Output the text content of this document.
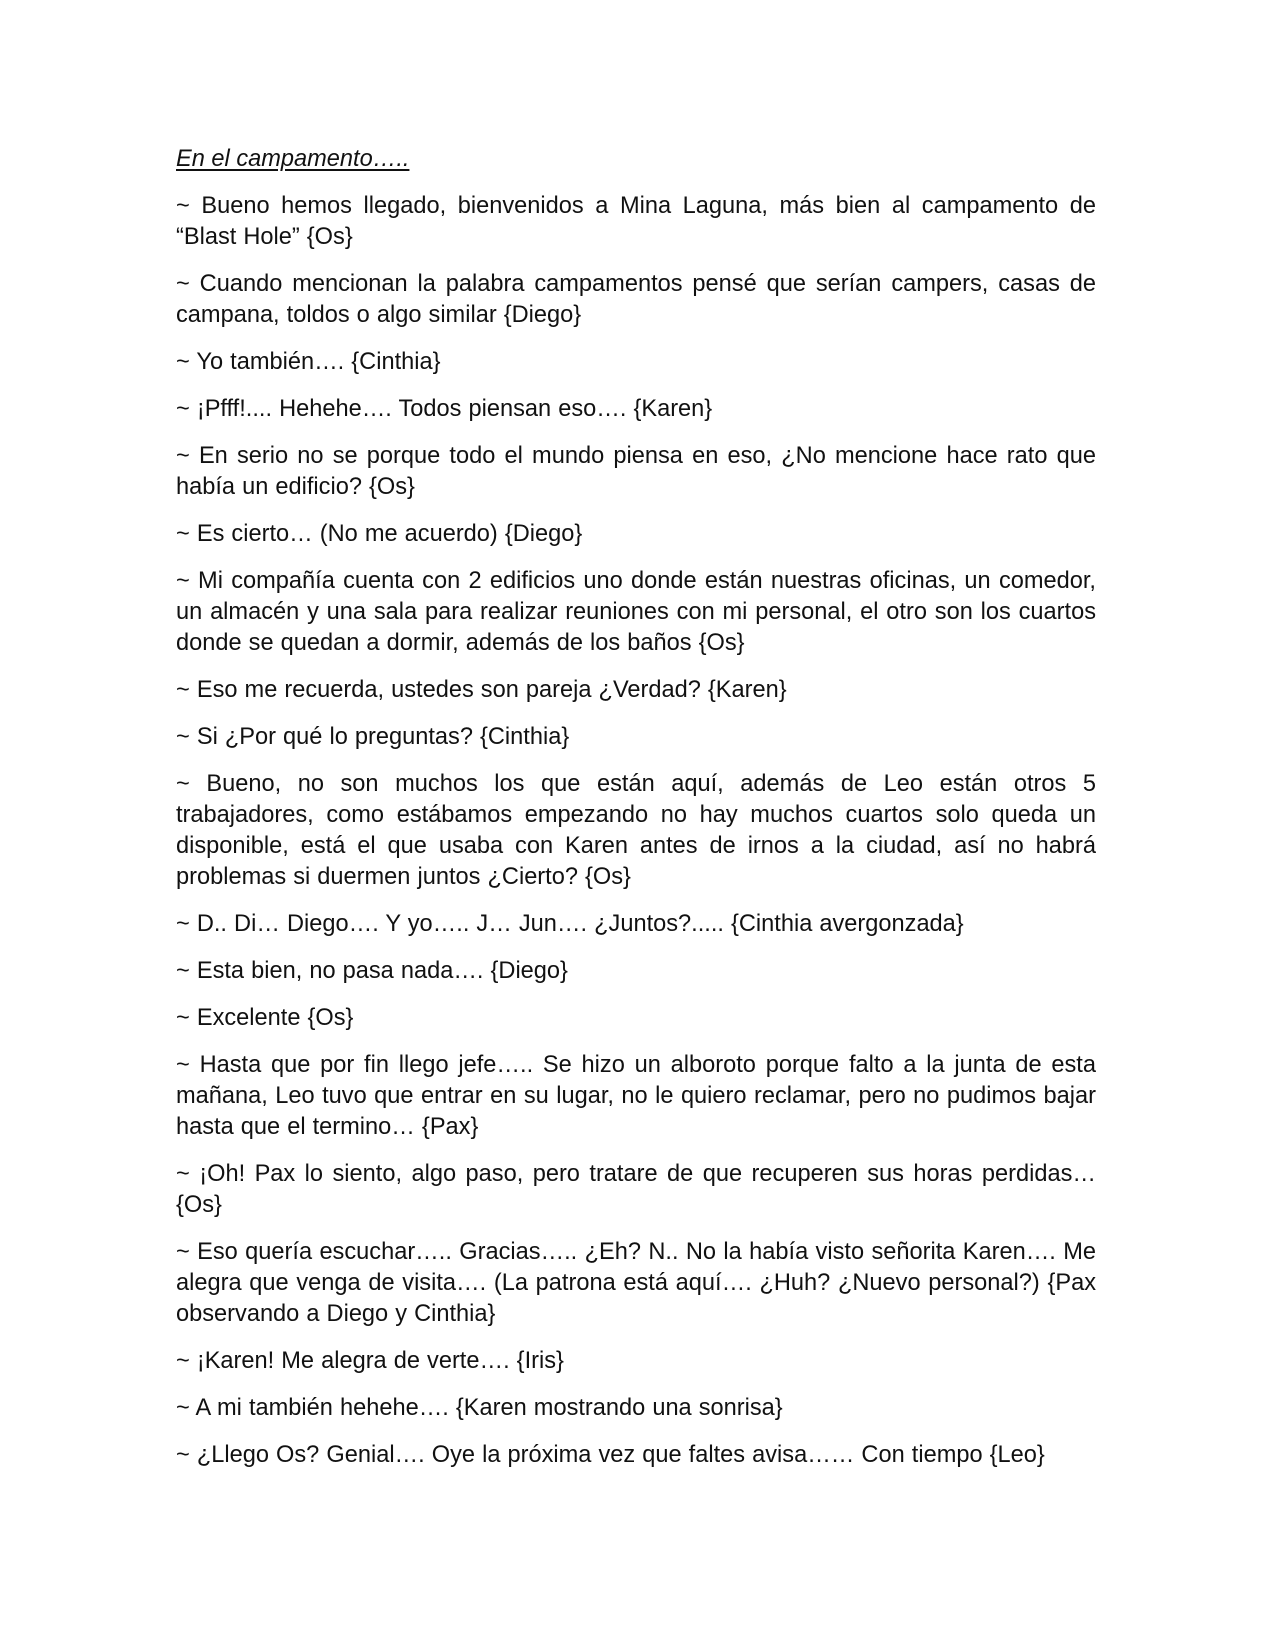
En el campamento…..

~ Bueno hemos llegado, bienvenidos a Mina Laguna, más bien al campamento de “Blast Hole” {Os}

~ Cuando mencionan la palabra campamentos pensé que serían campers, casas de campana, toldos o algo similar {Diego}

~ Yo también…. {Cinthia}

~ ¡Pfff!.... Hehehe…. Todos piensan eso…. {Karen}

~ En serio no se porque todo el mundo piensa en eso, ¿No mencione hace rato que había un edificio? {Os}

~ Es cierto… (No me acuerdo) {Diego}

~ Mi compañía cuenta con 2 edificios uno donde están nuestras oficinas, un comedor, un almacén y una sala para realizar reuniones con mi personal, el otro son los cuartos donde se quedan a dormir, además de los baños {Os}

~ Eso me recuerda, ustedes son pareja ¿Verdad? {Karen}

~ Si ¿Por qué lo preguntas? {Cinthia}

~ Bueno, no son muchos los que están aquí, además de Leo están otros 5 trabajadores, como estábamos empezando no hay muchos cuartos solo queda un disponible, está el que usaba con Karen antes de irnos a la ciudad, así no habrá problemas si duermen juntos ¿Cierto? {Os}

~ D.. Di… Diego…. Y yo….. J… Jun…. ¿Juntos?..... {Cinthia avergonzada}

~ Esta bien, no pasa nada…. {Diego}

~ Excelente {Os}

~ Hasta que por fin llego jefe….. Se hizo un alboroto porque falto a la junta de esta mañana, Leo tuvo que entrar en su lugar, no le quiero reclamar, pero no pudimos bajar hasta que el termino… {Pax}

~ ¡Oh! Pax lo siento, algo paso, pero tratare de que recuperen sus horas perdidas… {Os}

~ Eso quería escuchar….. Gracias….. ¿Eh? N.. No la había visto señorita Karen…. Me alegra que venga de visita…. (La patrona está aquí…. ¿Huh? ¿Nuevo personal?) {Pax observando a Diego y Cinthia}

~ ¡Karen! Me alegra de verte…. {Iris}

~ A mi también hehehe…. {Karen mostrando una sonrisa}

~ ¿Llego Os? Genial…. Oye la próxima vez que faltes avisa…… Con tiempo {Leo}
